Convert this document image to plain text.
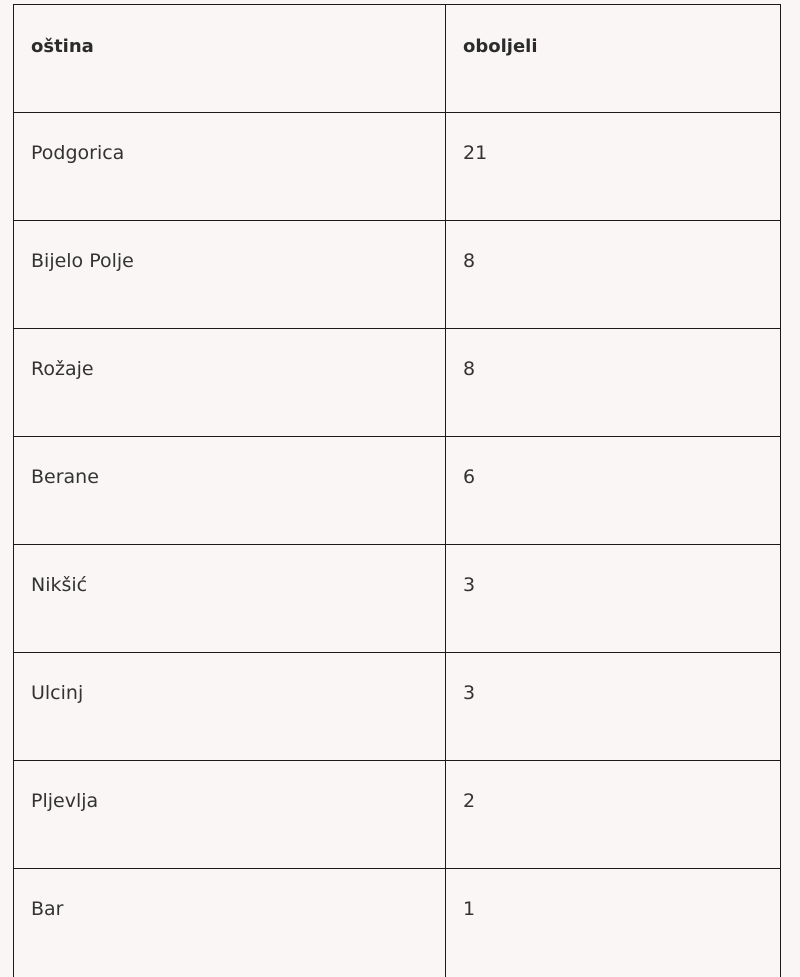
oština	oboljeli
Podgorica	21
Bijelo Polje	8
Rožaje	8
Berane	6
Nikšić	3
Ulcinj	3
Pljevlja	2
Bar	1
